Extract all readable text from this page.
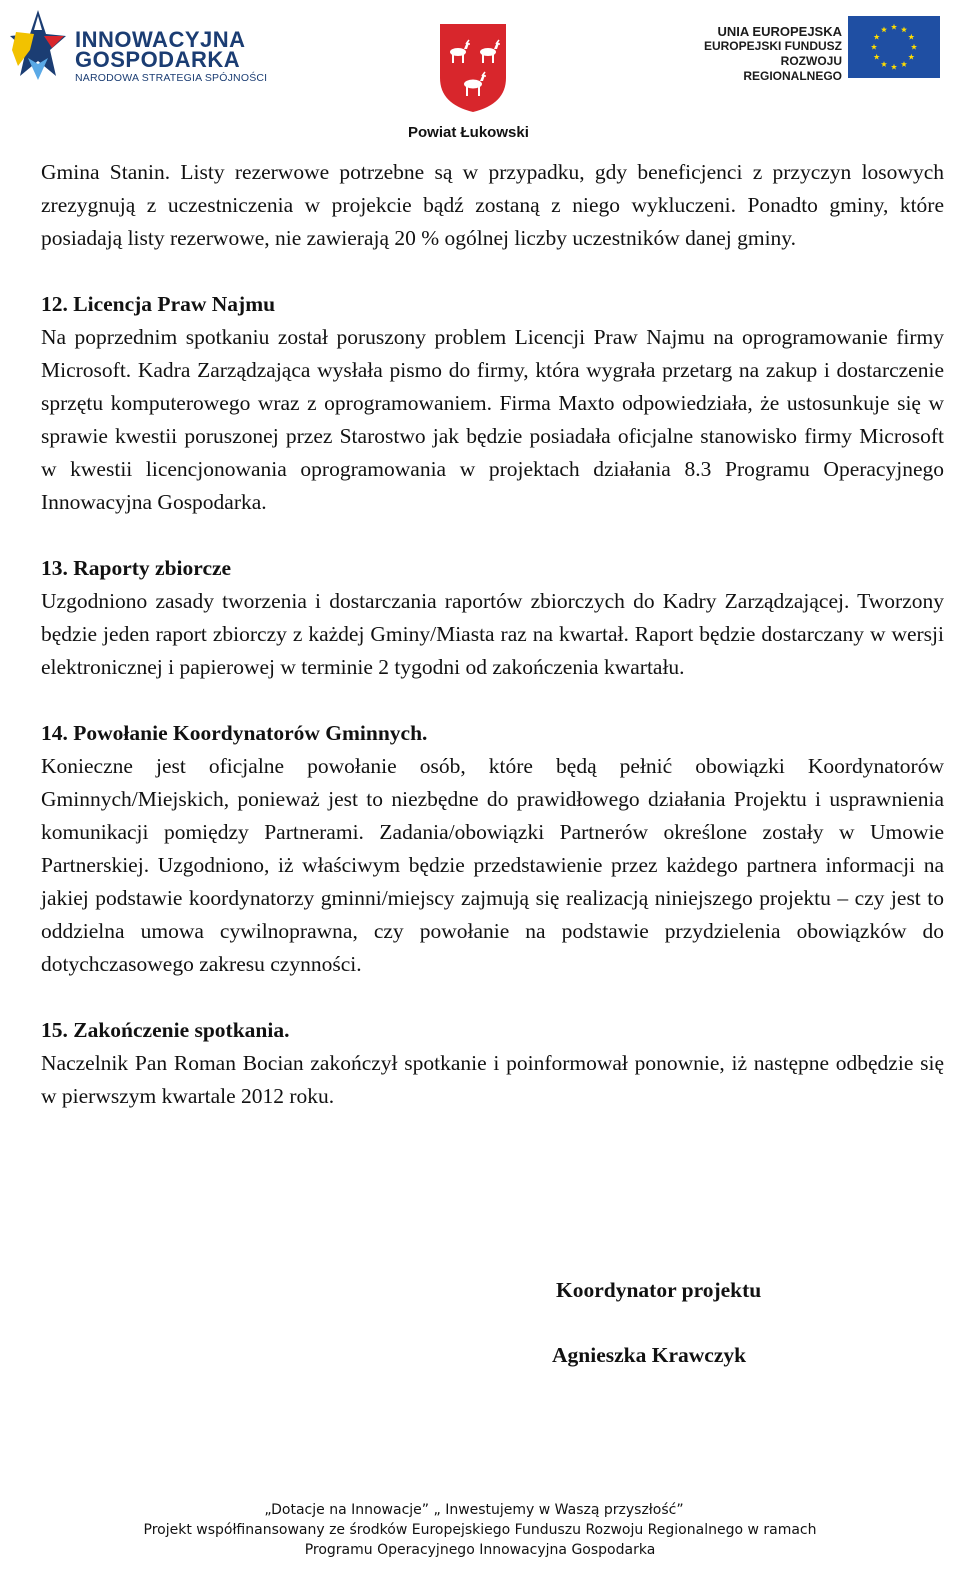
INNOWACYJNA
GOSPODARKA
NARODOWA STRATEGIA SPÓJNOŚCI
Powiat Łukowski
UNIA EUROPEJSKA
EUROPEJSKI FUNDUSZ
ROZWOJU REGIONALNEGO

Gmina Stanin. Listy rezerwowe potrzebne są w przypadku, gdy beneficjenci z przyczyn losowych zrezygnują z uczestniczenia w projekcie bądź zostaną z niego wykluczeni. Ponadto gminy, które posiadają listy rezerwowe, nie zawierają 20 % ogólnej liczby uczestników danej gminy.

12. Licencja Praw Najmu

Na poprzednim spotkaniu został poruszony problem Licencji Praw Najmu na oprogramowanie firmy Microsoft. Kadra Zarządzająca wysłała pismo do firmy, która wygrała przetarg na zakup i dostarczenie sprzętu komputerowego wraz z oprogramowaniem. Firma Maxto odpowiedziała, że ustosunkuje się w sprawie kwestii poruszonej przez Starostwo jak będzie posiadała oficjalne stanowisko firmy Microsoft w kwestii licencjonowania oprogramowania w projektach działania 8.3 Programu Operacyjnego Innowacyjna Gospodarka.

13. Raporty zbiorcze

Uzgodniono zasady tworzenia i dostarczania raportów zbiorczych do Kadry Zarządzającej. Tworzony będzie jeden raport zbiorczy z każdej Gminy/Miasta raz na kwartał. Raport będzie dostarczany w wersji elektronicznej i papierowej w terminie 2 tygodni od zakończenia kwartału.

14. Powołanie Koordynatorów Gminnych.

Konieczne jest oficjalne powołanie osób, które będą pełnić obowiązki Koordynatorów Gminnych/Miejskich, ponieważ jest to niezbędne do prawidłowego działania Projektu i usprawnienia komunikacji pomiędzy Partnerami. Zadania/obowiązki Partnerów określone zostały w Umowie Partnerskiej. Uzgodniono, iż właściwym będzie przedstawienie przez każdego partnera informacji na jakiej podstawie koordynatorzy gminni/miejscy zajmują się realizacją niniejszego projektu – czy jest to oddzielna umowa cywilnoprawna, czy powołanie na podstawie przydzielenia obowiązków do dotychczasowego zakresu czynności.

15. Zakończenie spotkania.

Naczelnik Pan Roman Bocian zakończył spotkanie i poinformował ponownie, iż następne odbędzie się w pierwszym kwartale 2012 roku.

Koordynator projektu
Agnieszka Krawczyk
„Dotacje na Innowacje” „ Inwestujemy w Waszą przyszłość”
Projekt współfinansowany ze środków Europejskiego Funduszu Rozwoju Regionalnego w ramach
Programu Operacyjnego Innowacyjna Gospodarka
